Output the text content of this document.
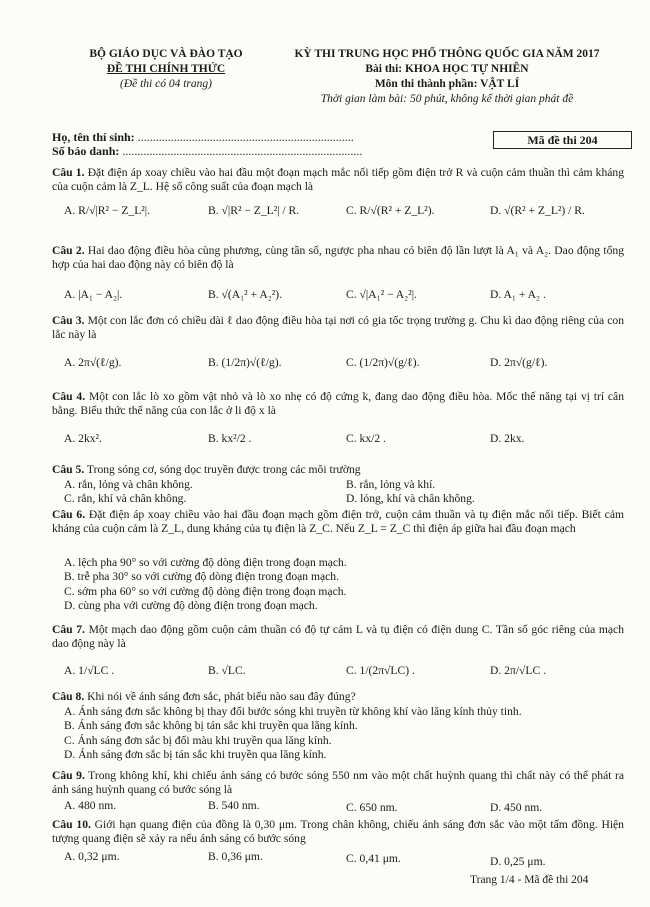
BỘ GIÁO DỤC VÀ ĐÀO TẠO
ĐỀ THI CHÍNH THỨC
(Đề thi có 04 trang)
KỲ THI TRUNG HỌC PHỔ THÔNG QUỐC GIA NĂM 2017
Bài thi: KHOA HỌC TỰ NHIÊN
Môn thi thành phần: VẬT LÍ
Thời gian làm bài: 50 phút, không kể thời gian phát đề
Họ, tên thí sinh: ........................................................................
Số báo danh: ................................................................................
Mã đề thi 204
Câu 1. Đặt điện áp xoay chiều vào hai đầu một đoạn mạch mắc nối tiếp gồm điện trở R và cuộn cảm thuần thì cảm kháng của cuộn cảm là Z_L. Hệ số công suất của đoạn mạch là
A. R/√|R² − Z_L²|.	B. √|R² − Z_L²| / R.	C. R/√(R² + Z_L²).	D. √(R² + Z_L²) / R.
Câu 2. Hai dao động điều hòa cùng phương, cùng tần số, ngược pha nhau có biên độ lần lượt là A₁ và A₂. Dao động tổng hợp của hai dao động này có biên độ là
A. |A₁ − A₂|.	B. √(A₁² + A₂²).	C. √|A₁² − A₂²|.	D. A₁ + A₂ .
Câu 3. Một con lắc đơn có chiều dài ℓ dao động điều hòa tại nơi có gia tốc trọng trường g. Chu kì dao động riêng của con lắc này là
A. 2π√(ℓ/g).	B. (1/2π)√(ℓ/g).	C. (1/2π)√(g/ℓ).	D. 2π√(g/ℓ).
Câu 4. Một con lắc lò xo gồm vật nhỏ và lò xo nhẹ có độ cứng k, đang dao động điều hòa. Mốc thế năng tại vị trí cân bằng. Biểu thức thế năng của con lắc ở li độ x là
A. 2kx².	B. kx²/2 .	C. kx/2 .	D. 2kx.
Câu 5. Trong sóng cơ, sóng dọc truyền được trong các môi trường
A. rắn, lỏng và chân không.	B. rắn, lỏng và khí.
C. rắn, khí và chân không.	D. lỏng, khí và chân không.
Câu 6. Đặt điện áp xoay chiều vào hai đầu đoạn mạch gồm điện trở, cuộn cảm thuần và tụ điện mắc nối tiếp. Biết cảm kháng của cuộn cảm là Z_L, dung kháng của tụ điện là Z_C. Nếu Z_L = Z_C thì điện áp giữa hai đầu đoạn mạch
A. lệch pha 90° so với cường độ dòng điện trong đoạn mạch.
B. trễ pha 30° so với cường độ dòng điện trong đoạn mạch.
C. sớm pha 60° so với cường độ dòng điện trong đoạn mạch.
D. cùng pha với cường độ dòng điện trong đoạn mạch.
Câu 7. Một mạch dao động gồm cuộn cảm thuần có độ tự cảm L và tụ điện có điện dung C. Tần số góc riêng của mạch dao động này là
A. 1/√LC .	B. √LC.	C. 1/(2π√LC) .	D. 2π/√LC .
Câu 8. Khi nói về ánh sáng đơn sắc, phát biểu nào sau đây đúng?
A. Ánh sáng đơn sắc không bị thay đổi bước sóng khi truyền từ không khí vào lăng kính thủy tinh.
B. Ánh sáng đơn sắc không bị tán sắc khi truyền qua lăng kính.
C. Ánh sáng đơn sắc bị đổi màu khi truyền qua lăng kính.
D. Ánh sáng đơn sắc bị tán sắc khi truyền qua lăng kính.
Câu 9. Trong không khí, khi chiếu ánh sáng có bước sóng 550 nm vào một chất huỳnh quang thì chất này có thể phát ra ánh sáng huỳnh quang có bước sóng là
A. 480 nm.	B. 540 nm.	C. 650 nm.	D. 450 nm.
Câu 10. Giới hạn quang điện của đồng là 0,30 μm. Trong chân không, chiếu ánh sáng đơn sắc vào một tấm đồng. Hiện tượng quang điện sẽ xảy ra nếu ánh sáng có bước sóng
A. 0,32 μm.	B. 0,36 μm.	C. 0,41 μm.	D. 0,25 μm.
Trang 1/4 - Mã đề thi 204
